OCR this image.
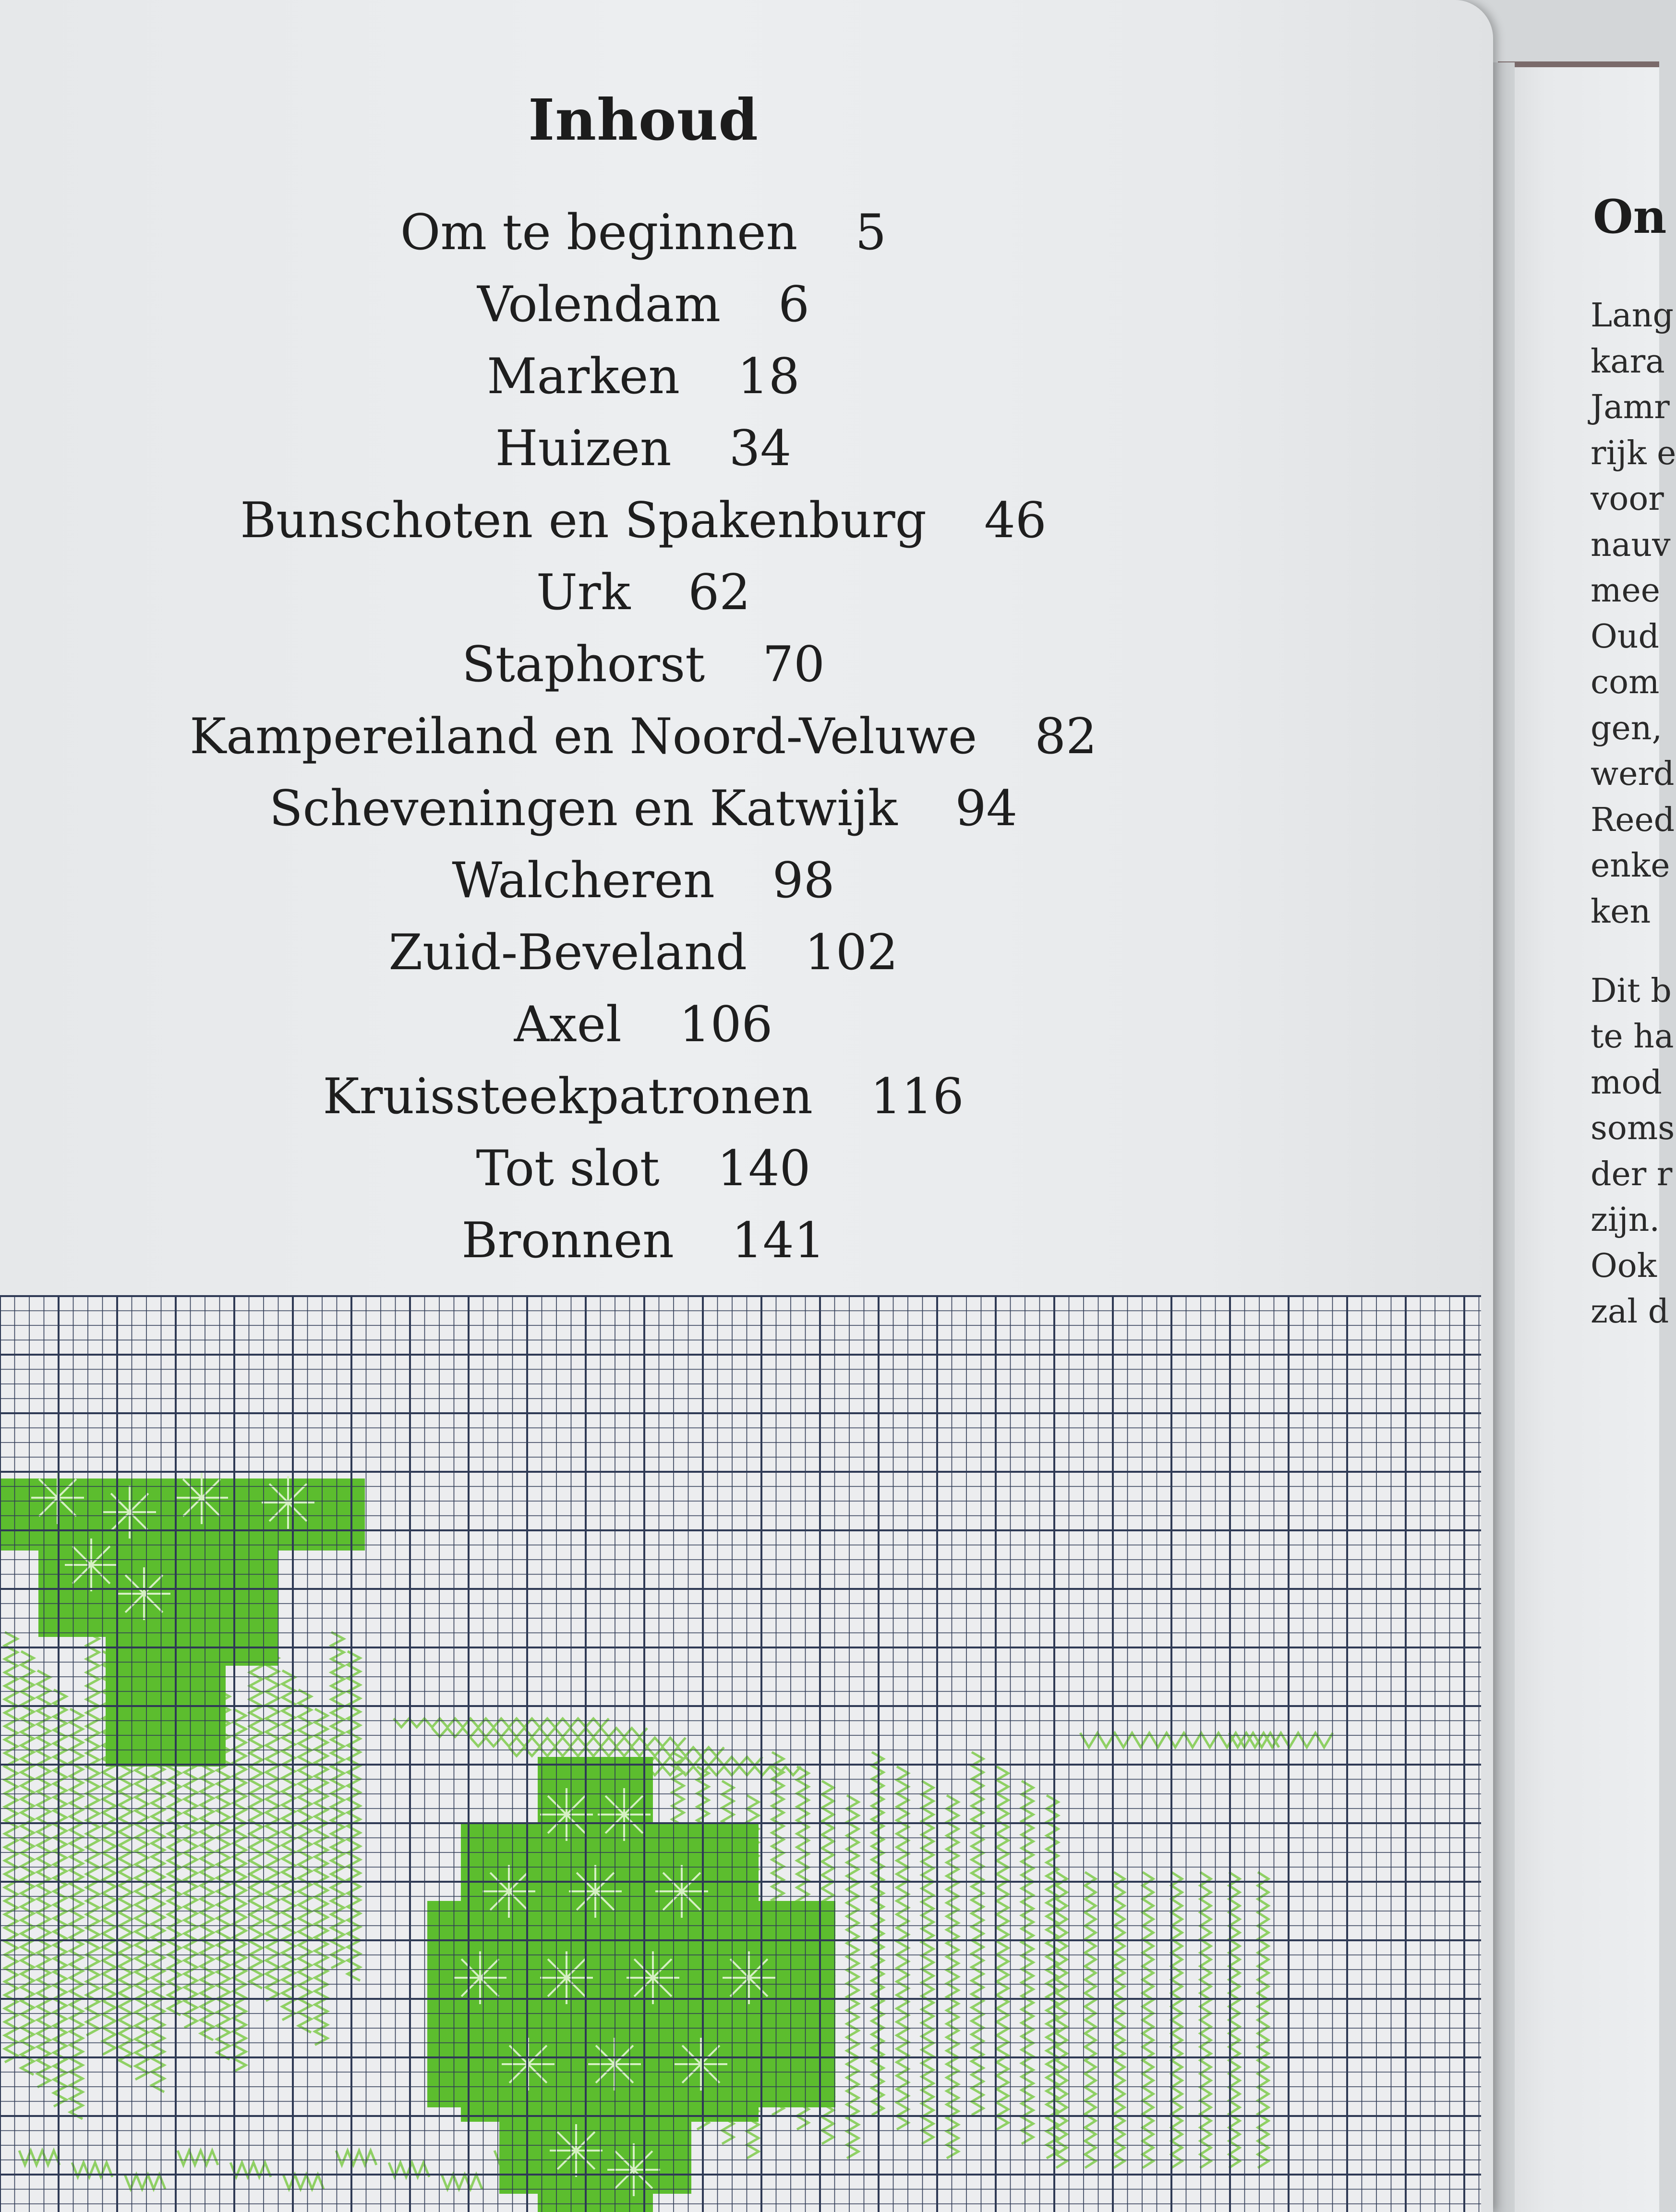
On
Lang
kara
Jamr
rijk e
voor
nauv
mee
Oud
com
gen,
werd
Reed
enke
ken
Dit b
te ha
mod
soms
der r
zijn.
Ook
zal d
Inhoud
Om te beginnen 5
Volendam 6
Marken 18
Huizen 34
Bunschoten en Spakenburg 46
Urk 62
Staphorst 70
Kampereiland en Noord-Veluwe 82
Scheveningen en Katwijk 94
Walcheren 98
Zuid-Beveland 102
Axel 106
Kruissteekpatronen 116
Tot slot 140
Bronnen 141
